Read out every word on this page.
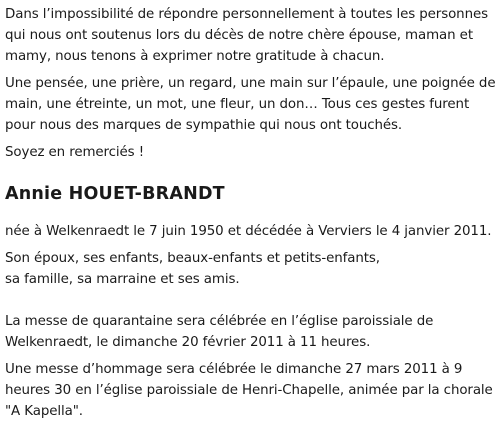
Dans l’impossibilité de répondre personnellement à toutes les personnes
qui nous ont soutenus lors du décès de notre chère épouse, maman et
mamy, nous tenons à exprimer notre gratitude à chacun.

Une pensée, une prière, un regard, une main sur l’épaule, une poignée de
main, une étreinte, un mot, une fleur, un don… Tous ces gestes furent
pour nous des marques de sympathie qui nous ont touchés.

Soyez en remerciés !

Annie HOUET-BRANDT

née à Welkenraedt le 7 juin 1950 et décédée à Verviers le 4 janvier 2011.

Son époux, ses enfants, beaux-enfants et petits-enfants,
sa famille, sa marraine et ses amis.

La messe de quarantaine sera célébrée en l’église paroissiale de
Welkenraedt, le dimanche 20 février 2011 à 11 heures.

Une messe d’hommage sera célébrée le dimanche 27 mars 2011 à 9
heures 30 en l’église paroissiale de Henri-Chapelle, animée par la chorale
"A Kapella".
